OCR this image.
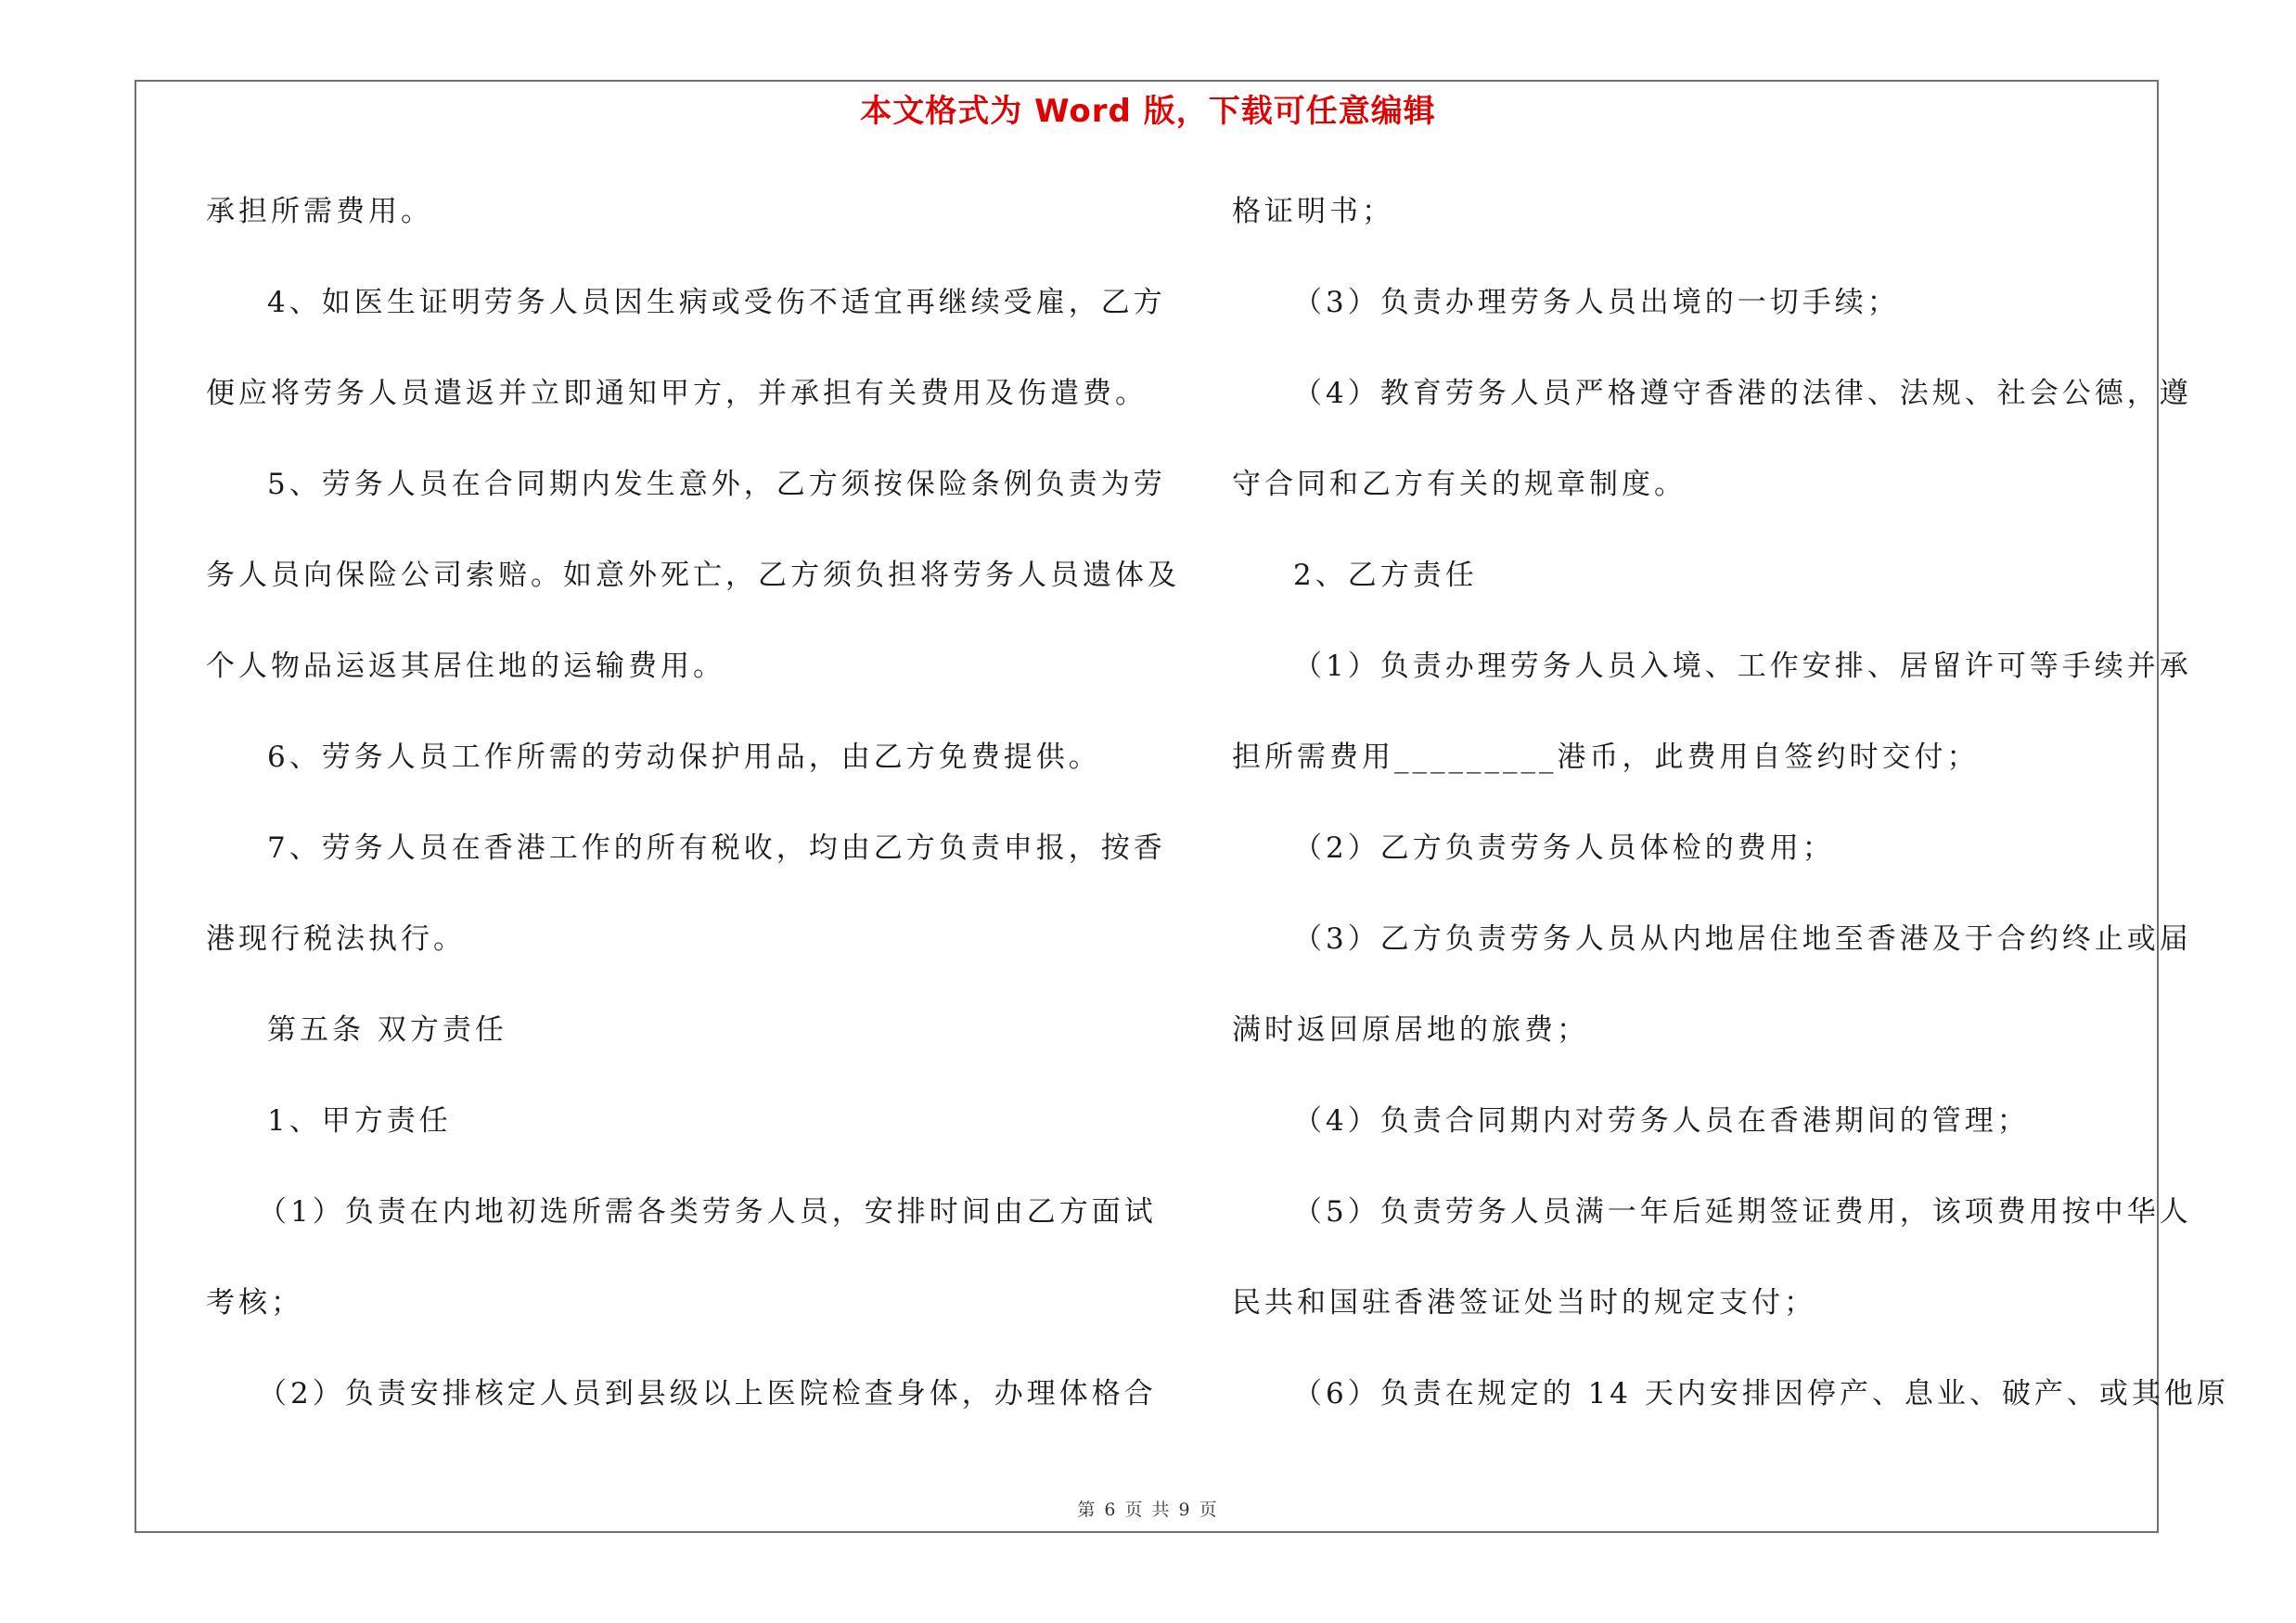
本文格式为 Word 版，下载可任意编辑
承担所需费用。
4、如医生证明劳务人员因生病或受伤不适宜再继续受雇，乙方
便应将劳务人员遣返并立即通知甲方，并承担有关费用及伤遣费。
5、劳务人员在合同期内发生意外，乙方须按保险条例负责为劳
务人员向保险公司索赔。如意外死亡，乙方须负担将劳务人员遗体及
个人物品运返其居住地的运输费用。
6、劳务人员工作所需的劳动保护用品，由乙方免费提供。
7、劳务人员在香港工作的所有税收，均由乙方负责申报，按香
港现行税法执行。
第五条 双方责任
1、甲方责任
（1）负责在内地初选所需各类劳务人员，安排时间由乙方面试
考核；
（2）负责安排核定人员到县级以上医院检查身体，办理体格合
格证明书；
（3）负责办理劳务人员出境的一切手续；
（4）教育劳务人员严格遵守香港的法律、法规、社会公德，遵
守合同和乙方有关的规章制度。
2、乙方责任
（1）负责办理劳务人员入境、工作安排、居留许可等手续并承
担所需费用_________港币，此费用自签约时交付；
（2）乙方负责劳务人员体检的费用；
（3）乙方负责劳务人员从内地居住地至香港及于合约终止或届
满时返回原居地的旅费；
（4）负责合同期内对劳务人员在香港期间的管理；
（5）负责劳务人员满一年后延期签证费用，该项费用按中华人
民共和国驻香港签证处当时的规定支付；
（6）负责在规定的 14 天内安排因停产、息业、破产、或其他原
第 6 页 共 9 页
